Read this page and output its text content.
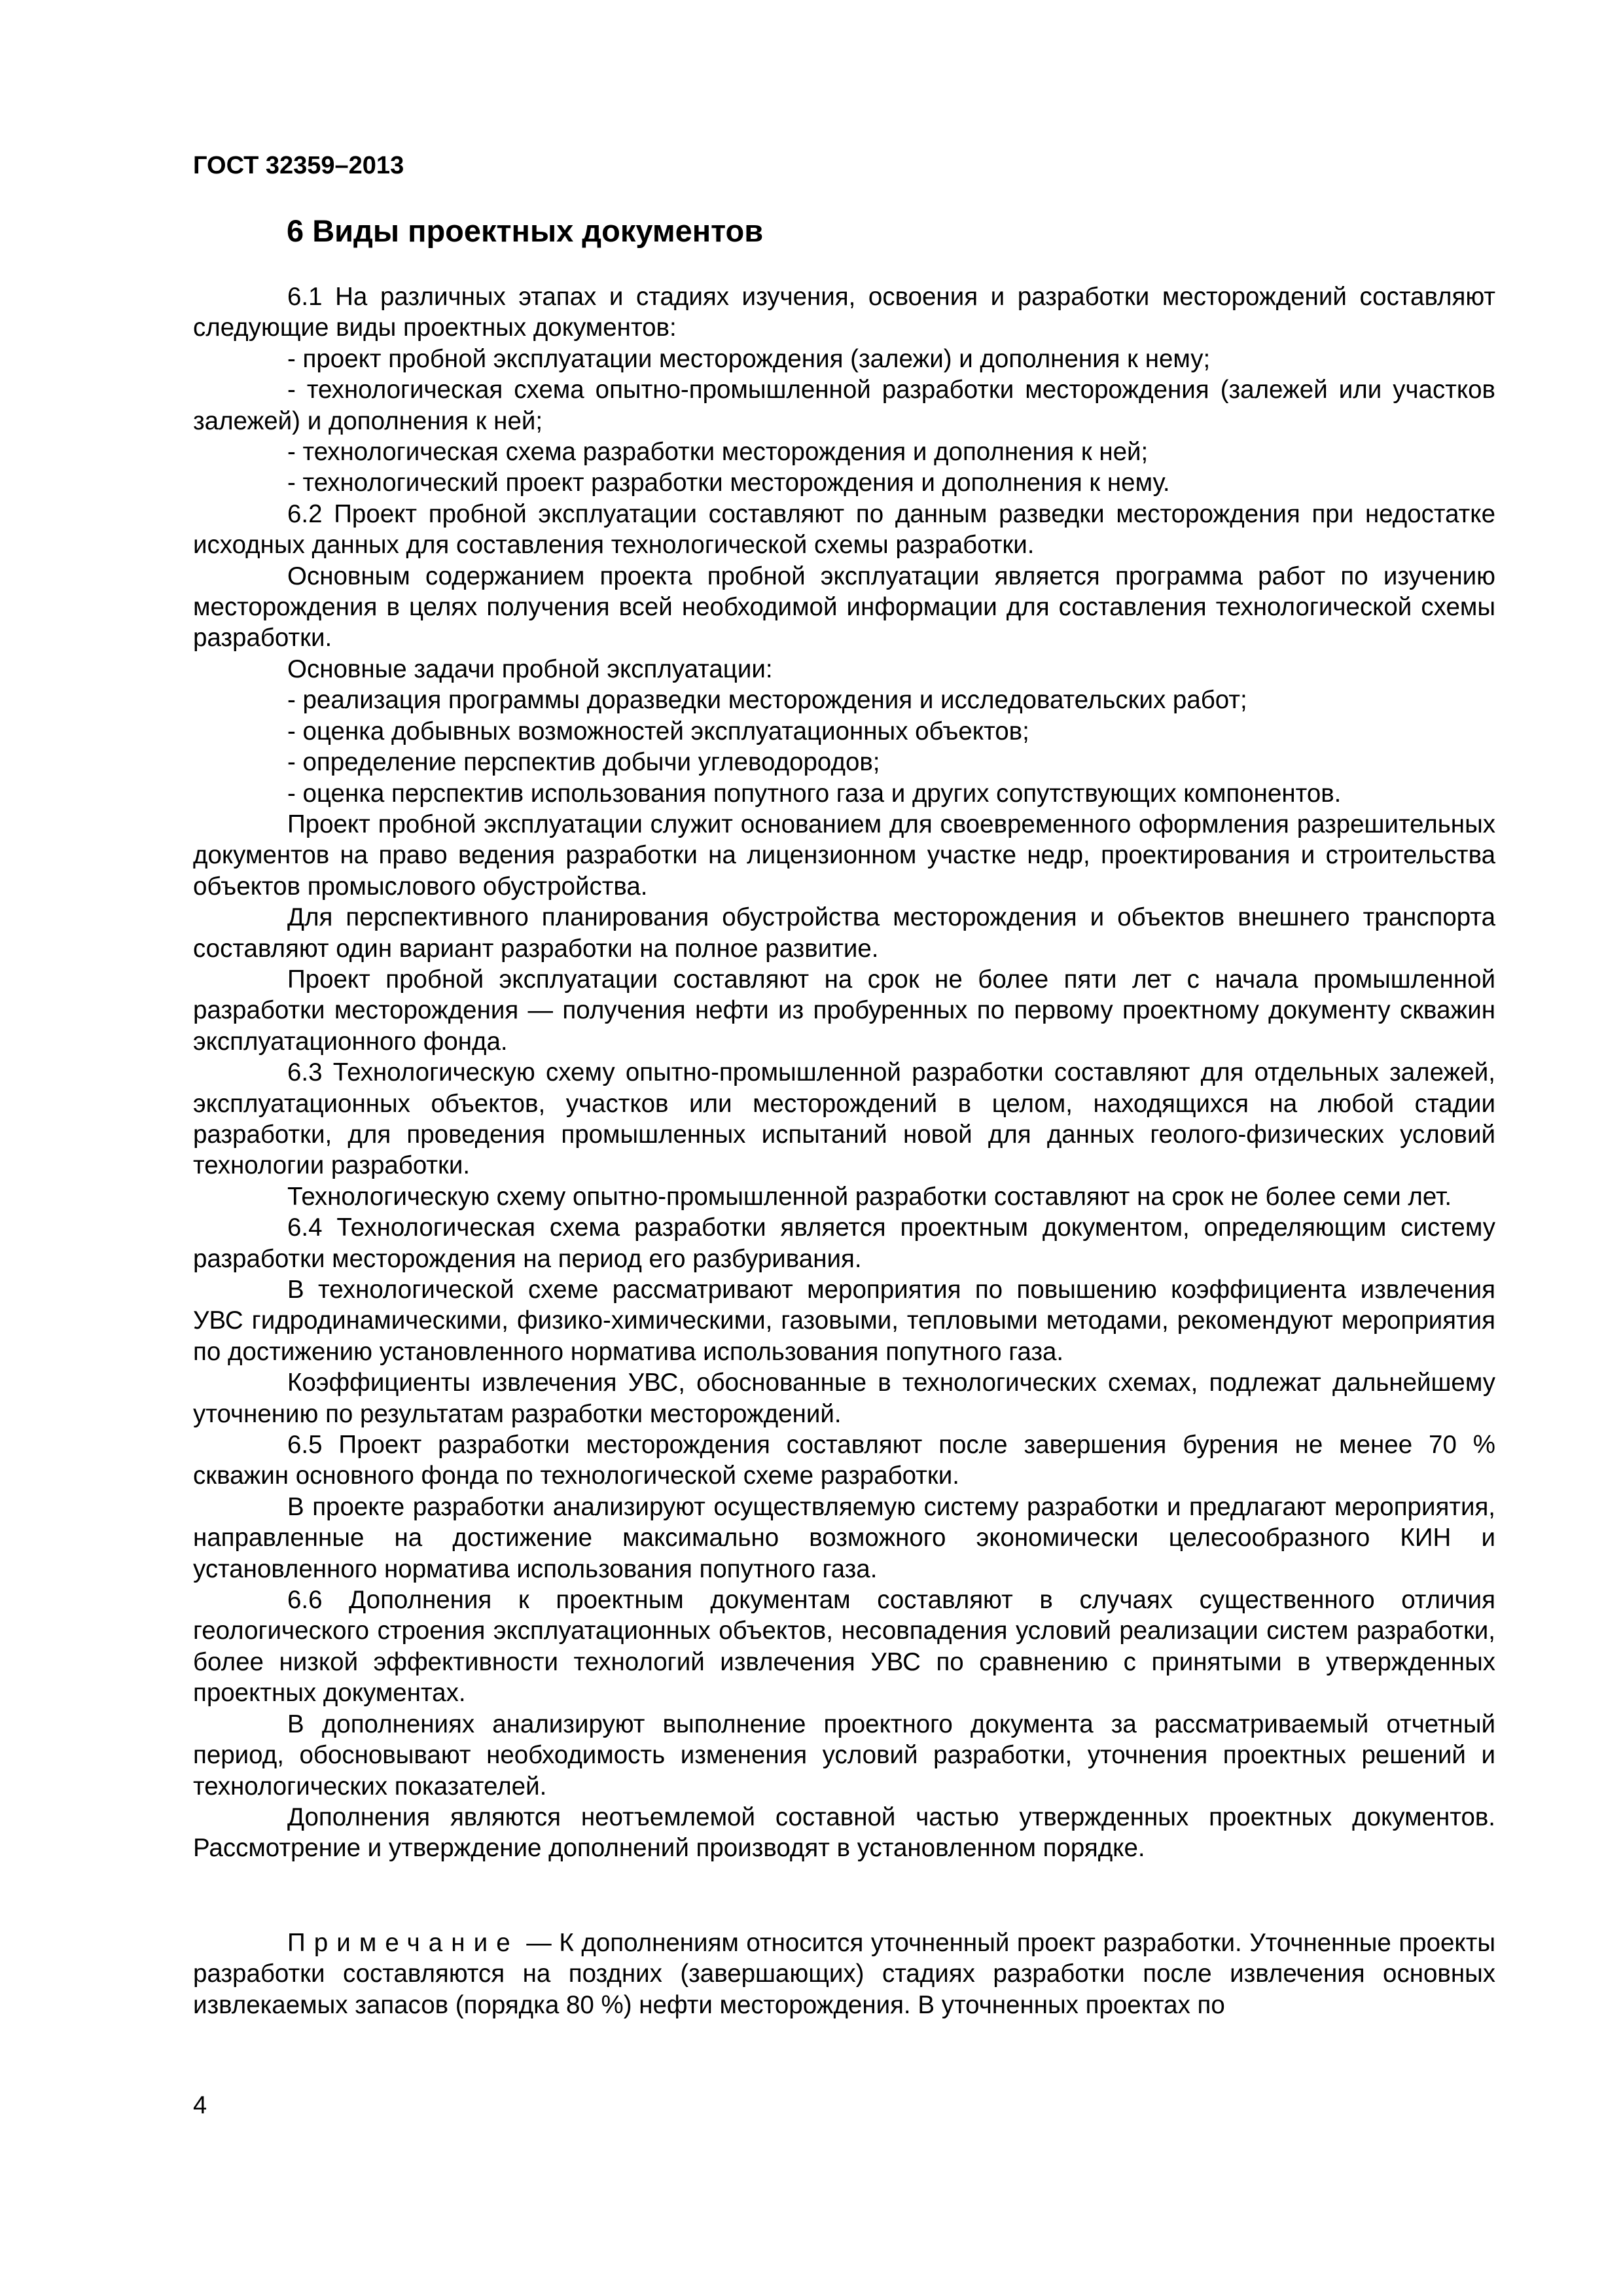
ГОСТ 32359–2013
6 Виды проектных документов

6.1 На различных этапах и стадиях изучения, освоения и разработки месторождений составляют следующие виды проектных документов:

- проект пробной эксплуатации месторождения (залежи) и дополнения к нему;

- технологическая схема опытно-промышленной разработки месторождения (залежей или участков залежей) и дополнения к ней;

- технологическая схема разработки месторождения и дополнения к ней;

- технологический проект разработки месторождения и дополнения к нему.

6.2 Проект пробной эксплуатации составляют по данным разведки месторождения при недостатке исходных данных для составления технологической схемы разработки.

Основным содержанием проекта пробной эксплуатации является программа работ по изучению месторождения в целях получения всей необходимой информации для составления технологической схемы разработки.

Основные задачи пробной эксплуатации:

- реализация программы доразведки месторождения и исследовательских работ;

- оценка добывных возможностей эксплуатационных объектов;

- определение перспектив добычи углеводородов;

- оценка перспектив использования попутного газа и других сопутствующих компонентов.

Проект пробной эксплуатации служит основанием для своевременного оформления разрешительных документов на право ведения разработки на лицензионном участке недр, проектирования и строительства объектов промыслового обустройства.

Для перспективного планирования обустройства месторождения и объектов внешнего транспорта составляют один вариант разработки на полное развитие.

Проект пробной эксплуатации составляют на срок не более пяти лет с начала промышленной разработки месторождения — получения нефти из пробуренных по первому проектному документу скважин эксплуатационного фонда.

6.3 Технологическую схему опытно-промышленной разработки составляют для отдельных залежей, эксплуатационных объектов, участков или месторождений в целом, находящихся на любой стадии разработки, для проведения промышленных испытаний новой для данных геолого-физических условий технологии разработки.

Технологическую схему опытно-промышленной разработки составляют на срок не более семи лет.

6.4 Технологическая схема разработки является проектным документом, определяющим систему разработки месторождения на период его разбуривания.

В технологической схеме рассматривают мероприятия по повышению коэффициента извлечения УВС гидродинамическими, физико-химическими, газовыми, тепловыми методами, рекомендуют мероприятия по достижению установленного норматива использования попутного газа.

Коэффициенты извлечения УВС, обоснованные в технологических схемах, подлежат дальнейшему уточнению по результатам разработки месторождений.

6.5 Проект разработки месторождения составляют после завершения бурения не менее 70 % скважин основного фонда по технологической схеме разработки.

В проекте разработки анализируют осуществляемую систему разработки и предлагают мероприятия, направленные на достижение максимально возможного экономически целесообразного КИН и установленного норматива использования попутного газа.

6.6 Дополнения к проектным документам составляют в случаях существенного отличия геологического строения эксплуатационных объектов, несовпадения условий реализации систем разработки, более низкой эффективности технологий извлечения УВС по сравнению с принятыми в утвержденных проектных документах.

В дополнениях анализируют выполнение проектного документа за рассматриваемый отчетный период, обосновывают необходимость изменения условий разработки, уточнения проектных решений и технологических показателей.

Дополнения являются неотъемлемой составной частью утвержденных проектных документов. Рассмотрение и утверждение дополнений производят в установленном порядке.

Примечание — К дополнениям относится уточненный проект разработки. Уточненные проекты разработки составляются на поздних (завершающих) стадиях разработки после извлечения основных извлекаемых запасов (порядка 80 %) нефти месторождения. В уточненных проектах по

4
